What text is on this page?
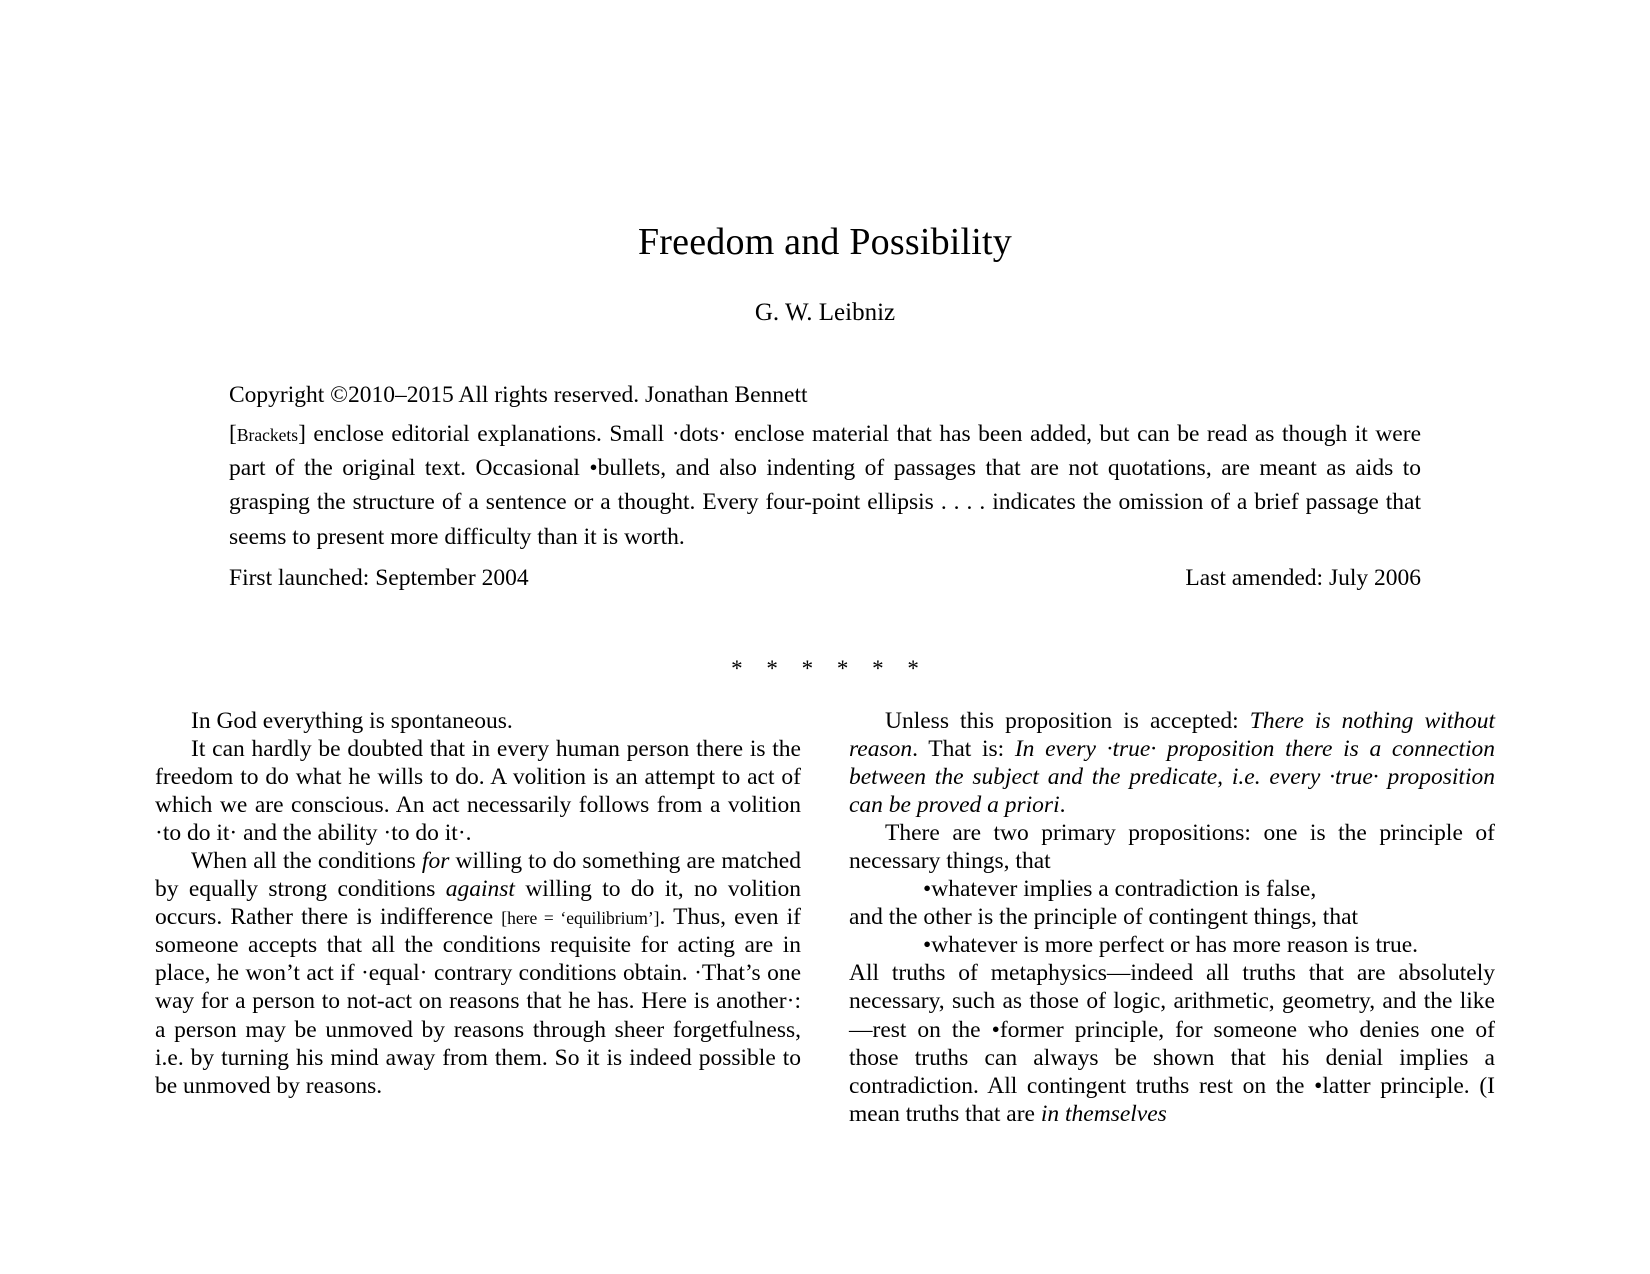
Freedom and Possibility
G. W. Leibniz

Copyright ©2010–2015 All rights reserved. Jonathan Bennett

[Brackets] enclose editorial explanations. Small ·dots· enclose material that has been added, but can be read as though it were part of the original text. Occasional •bullets, and also indenting of passages that are not quotations, are meant as aids to grasping the structure of a sentence or a thought. Every four-point ellipsis . . . . indicates the omission of a brief passage that seems to present more difficulty than it is worth.

First launched: September 2004	Last amended: July 2006
* * * * * *

In God everything is spontaneous.

It can hardly be doubted that in every human person there is the freedom to do what he wills to do. A volition is an attempt to act of which we are conscious. An act necessarily follows from a volition ·to do it· and the ability ·to do it·.

When all the conditions for willing to do something are matched by equally strong conditions against willing to do it, no volition occurs. Rather there is indifference [here = ‘equilibrium’]. Thus, even if someone accepts that all the conditions requisite for acting are in place, he won’t act if ·equal· contrary conditions obtain. ·That’s one way for a person to not-act on reasons that he has. Here is another·: a person may be unmoved by reasons through sheer forgetfulness, i.e. by turning his mind away from them. So it is indeed possible to be unmoved by reasons.

Unless this proposition is accepted: There is nothing without reason. That is: In every ·true· proposition there is a connection between the subject and the predicate, i.e. every ·true· proposition can be proved a priori.

There are two primary propositions: one is the principle of necessary things, that

•whatever implies a contradiction is false,

and the other is the principle of contingent things, that

•whatever is more perfect or has more reason is true.

All truths of metaphysics—indeed all truths that are absolutely necessary, such as those of logic, arithmetic, geometry, and the like—rest on the •former principle, for someone who denies one of those truths can always be shown that his denial implies a contradiction. All contingent truths rest on the •latter principle. (I mean truths that are in themselves
